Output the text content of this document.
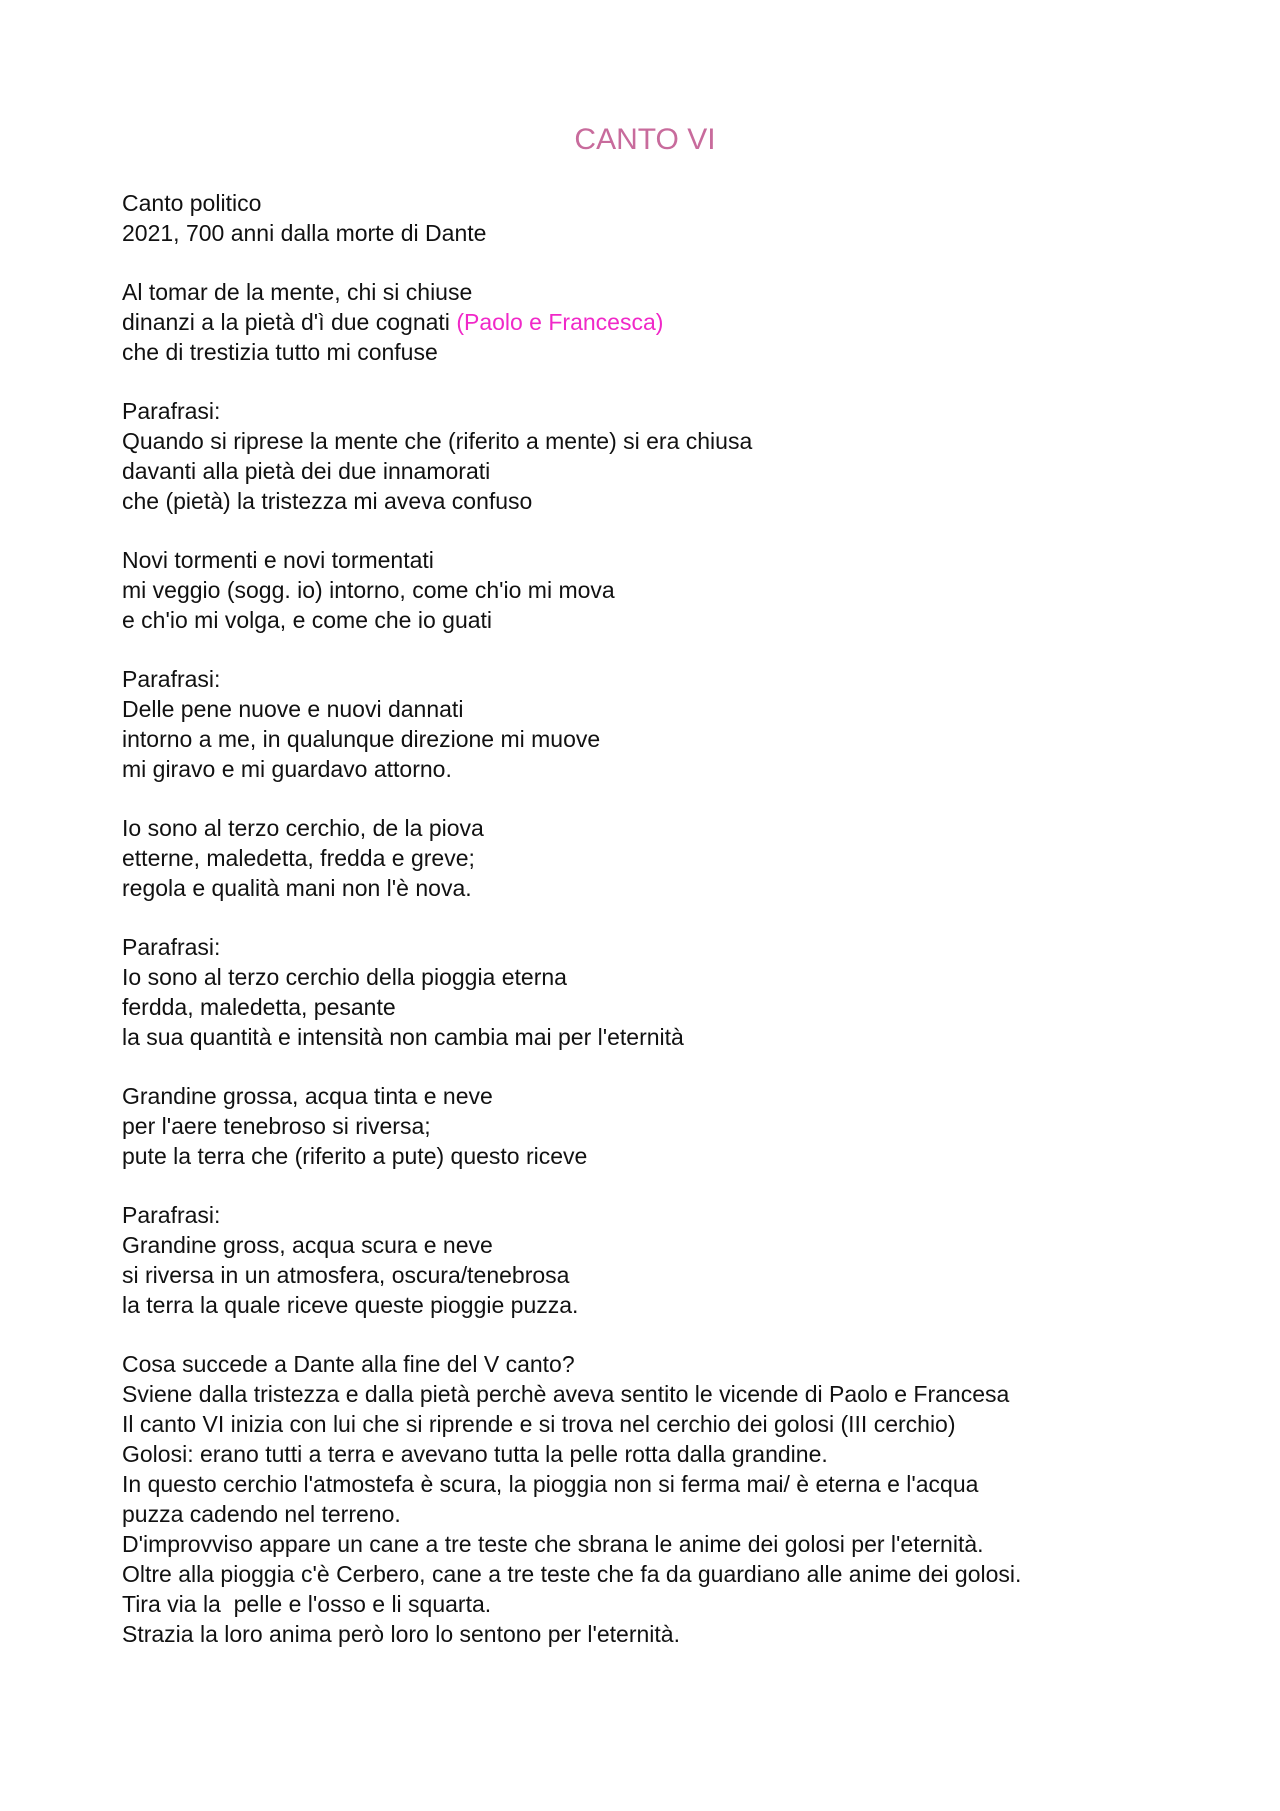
CANTO VI
Canto politico
2021, 700 anni dalla morte di Dante
Al tomar de la mente, chi si chiuse
dinanzi a la pietà d'ì due cognati (Paolo e Francesca)
che di trestizia tutto mi confuse
Parafrasi:
Quando si riprese la mente che (riferito a mente) si era chiusa
davanti alla pietà dei due innamorati
che (pietà) la tristezza mi aveva confuso
Novi tormenti e novi tormentati
mi veggio (sogg. io) intorno, come ch'io mi mova
e ch'io mi volga, e come che io guati
Parafrasi:
Delle pene nuove e nuovi dannati
intorno a me, in qualunque direzione mi muove
mi giravo e mi guardavo attorno.
Io sono al terzo cerchio, de la piova
etterne, maledetta, fredda e greve;
regola e qualità mani non l'è nova.
Parafrasi:
Io sono al terzo cerchio della pioggia eterna
ferdda, maledetta, pesante
la sua quantità e intensità non cambia mai per l'eternità
Grandine grossa, acqua tinta e neve
per l'aere tenebroso si riversa;
pute la terra che (riferito a pute) questo riceve
Parafrasi:
Grandine gross, acqua scura e neve
si riversa in un atmosfera, oscura/tenebrosa
la terra la quale riceve queste pioggie puzza.
Cosa succede a Dante alla fine del V canto?
Sviene dalla tristezza e dalla pietà perchè aveva sentito le vicende di Paolo e Francesa
Il canto VI inizia con lui che si riprende e si trova nel cerchio dei golosi (III cerchio)
Golosi: erano tutti a terra e avevano tutta la pelle rotta dalla grandine.
In questo cerchio l'atmostefa è scura, la pioggia non si ferma mai/ è eterna e l'acqua
puzza cadendo nel terreno.
D'improvviso appare un cane a tre teste che sbrana le anime dei golosi per l'eternità.
Oltre alla pioggia c'è Cerbero, cane a tre teste che fa da guardiano alle anime dei golosi.
Tira via la  pelle e l'osso e li squarta.
Strazia la loro anima però loro lo sentono per l'eternità.
